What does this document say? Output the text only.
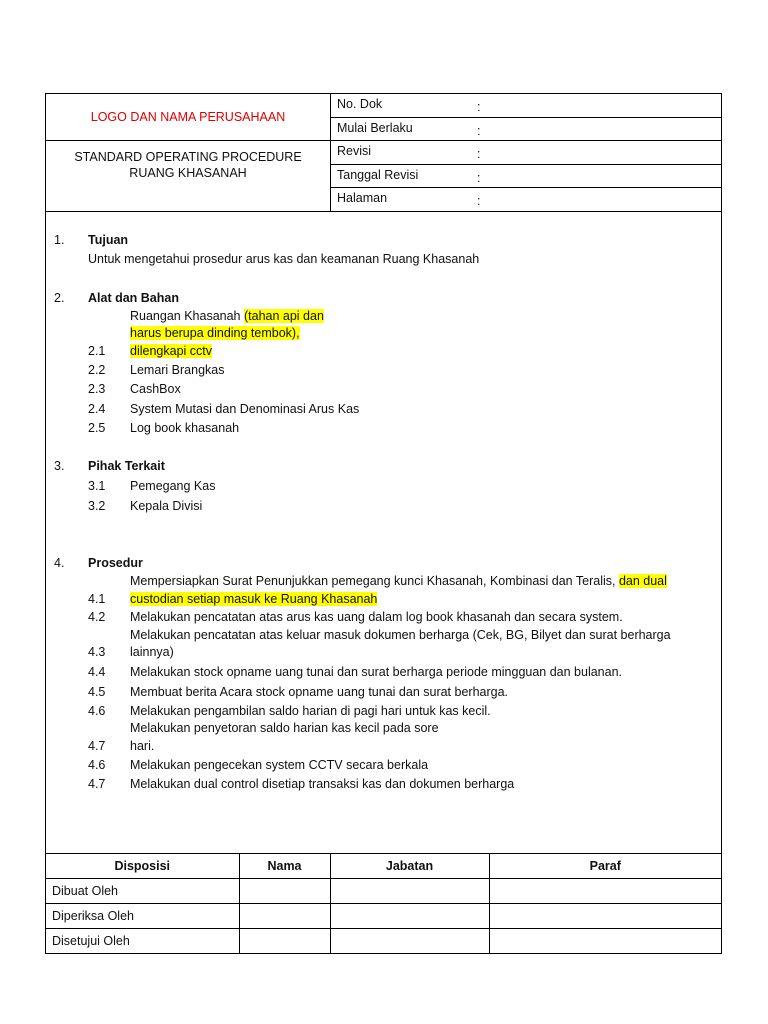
LOGO DAN NAMA PERUSAHAAN
STANDARD OPERATING PROCEDURE
RUANG KHASANAH
No. Dok	:
Mulai Berlaku	:
Revisi	:
Tanggal Revisi	:
Halaman	:
1. Tujuan
Untuk mengetahui prosedur arus kas dan keamanan Ruang Khasanah
2. Alat dan Bahan
Ruangan Khasanah (tahan api dan
harus berupa dinding tembok),
2.1 dilengkapi cctv
2.2 Lemari Brangkas
2.3 CashBox
2.4 System Mutasi dan Denominasi Arus Kas
2.5 Log book khasanah
3. Pihak Terkait
3.1 Pemegang Kas
3.2 Kepala Divisi
4. Prosedur
Mempersiapkan Surat Penunjukkan pemegang kunci Khasanah, Kombinasi dan Teralis, dan dual
4.1 custodian setiap masuk ke Ruang Khasanah
4.2 Melakukan pencatatan atas arus kas uang dalam log book khasanah dan secara system.
Melakukan pencatatan atas keluar masuk dokumen berharga (Cek, BG, Bilyet dan surat berharga
4.3 lainnya)
4.4 Melakukan stock opname uang tunai dan surat berharga periode mingguan dan bulanan.
4.5 Membuat berita Acara stock opname uang tunai dan surat berharga.
4.6 Melakukan pengambilan saldo harian di pagi hari untuk kas kecil.
Melakukan penyetoran saldo harian kas kecil pada sore
4.7 hari.
4.6 Melakukan pengecekan system CCTV secara berkala
4.7 Melakukan dual control disetiap transaksi kas dan dokumen berharga
Disposisi	Nama	Jabatan	Paraf
Dibuat Oleh			
Diperiksa Oleh			
Disetujui Oleh			
